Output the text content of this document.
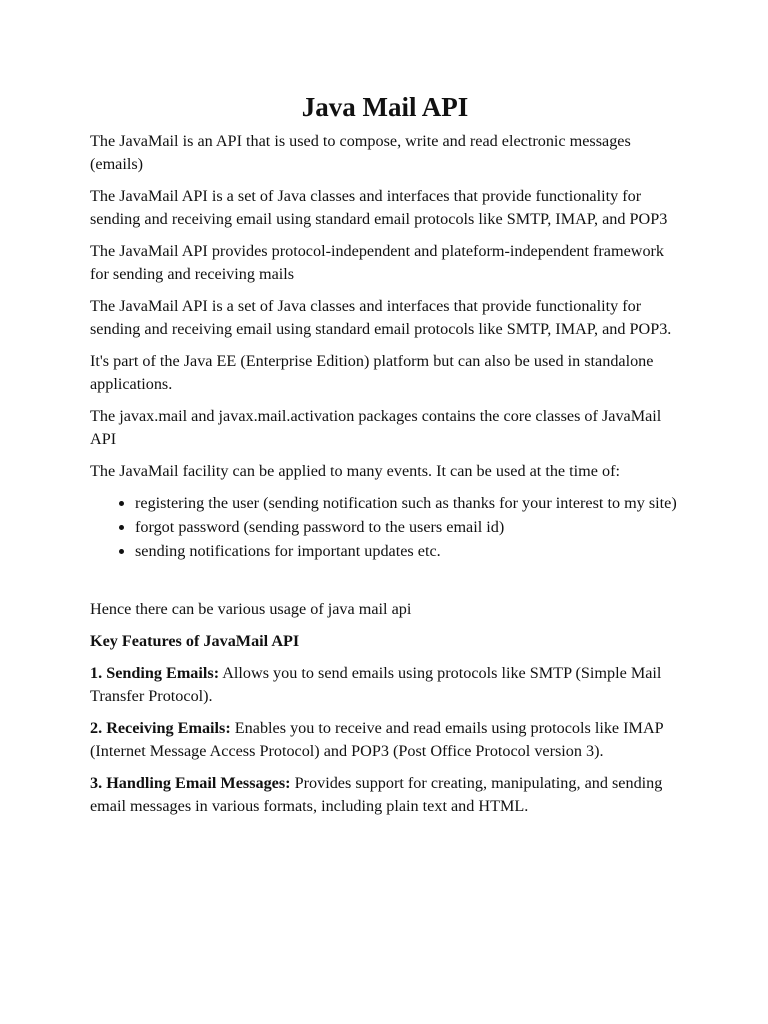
Java Mail API

The JavaMail is an API that is used to compose, write and read electronic messages (emails)

The JavaMail API is a set of Java classes and interfaces that provide functionality for sending and receiving email using standard email protocols like SMTP, IMAP, and POP3

The JavaMail API provides protocol-independent and plateform-independent framework for sending and receiving mails

The JavaMail API is a set of Java classes and interfaces that provide functionality for sending and receiving email using standard email protocols like SMTP, IMAP, and POP3.

It's part of the Java EE (Enterprise Edition) platform but can also be used in standalone applications.

The javax.mail and javax.mail.activation packages contains the core classes of JavaMail API

The JavaMail facility can be applied to many events. It can be used at the time of:

• registering the user (sending notification such as thanks for your interest to my site)
• forgot password (sending password to the users email id)
• sending notifications for important updates etc.

Hence there can be various usage of java mail api

Key Features of JavaMail API

1. Sending Emails: Allows you to send emails using protocols like SMTP (Simple Mail Transfer Protocol).

2. Receiving Emails: Enables you to receive and read emails using protocols like IMAP (Internet Message Access Protocol) and POP3 (Post Office Protocol version 3).

3. Handling Email Messages: Provides support for creating, manipulating, and sending email messages in various formats, including plain text and HTML.
